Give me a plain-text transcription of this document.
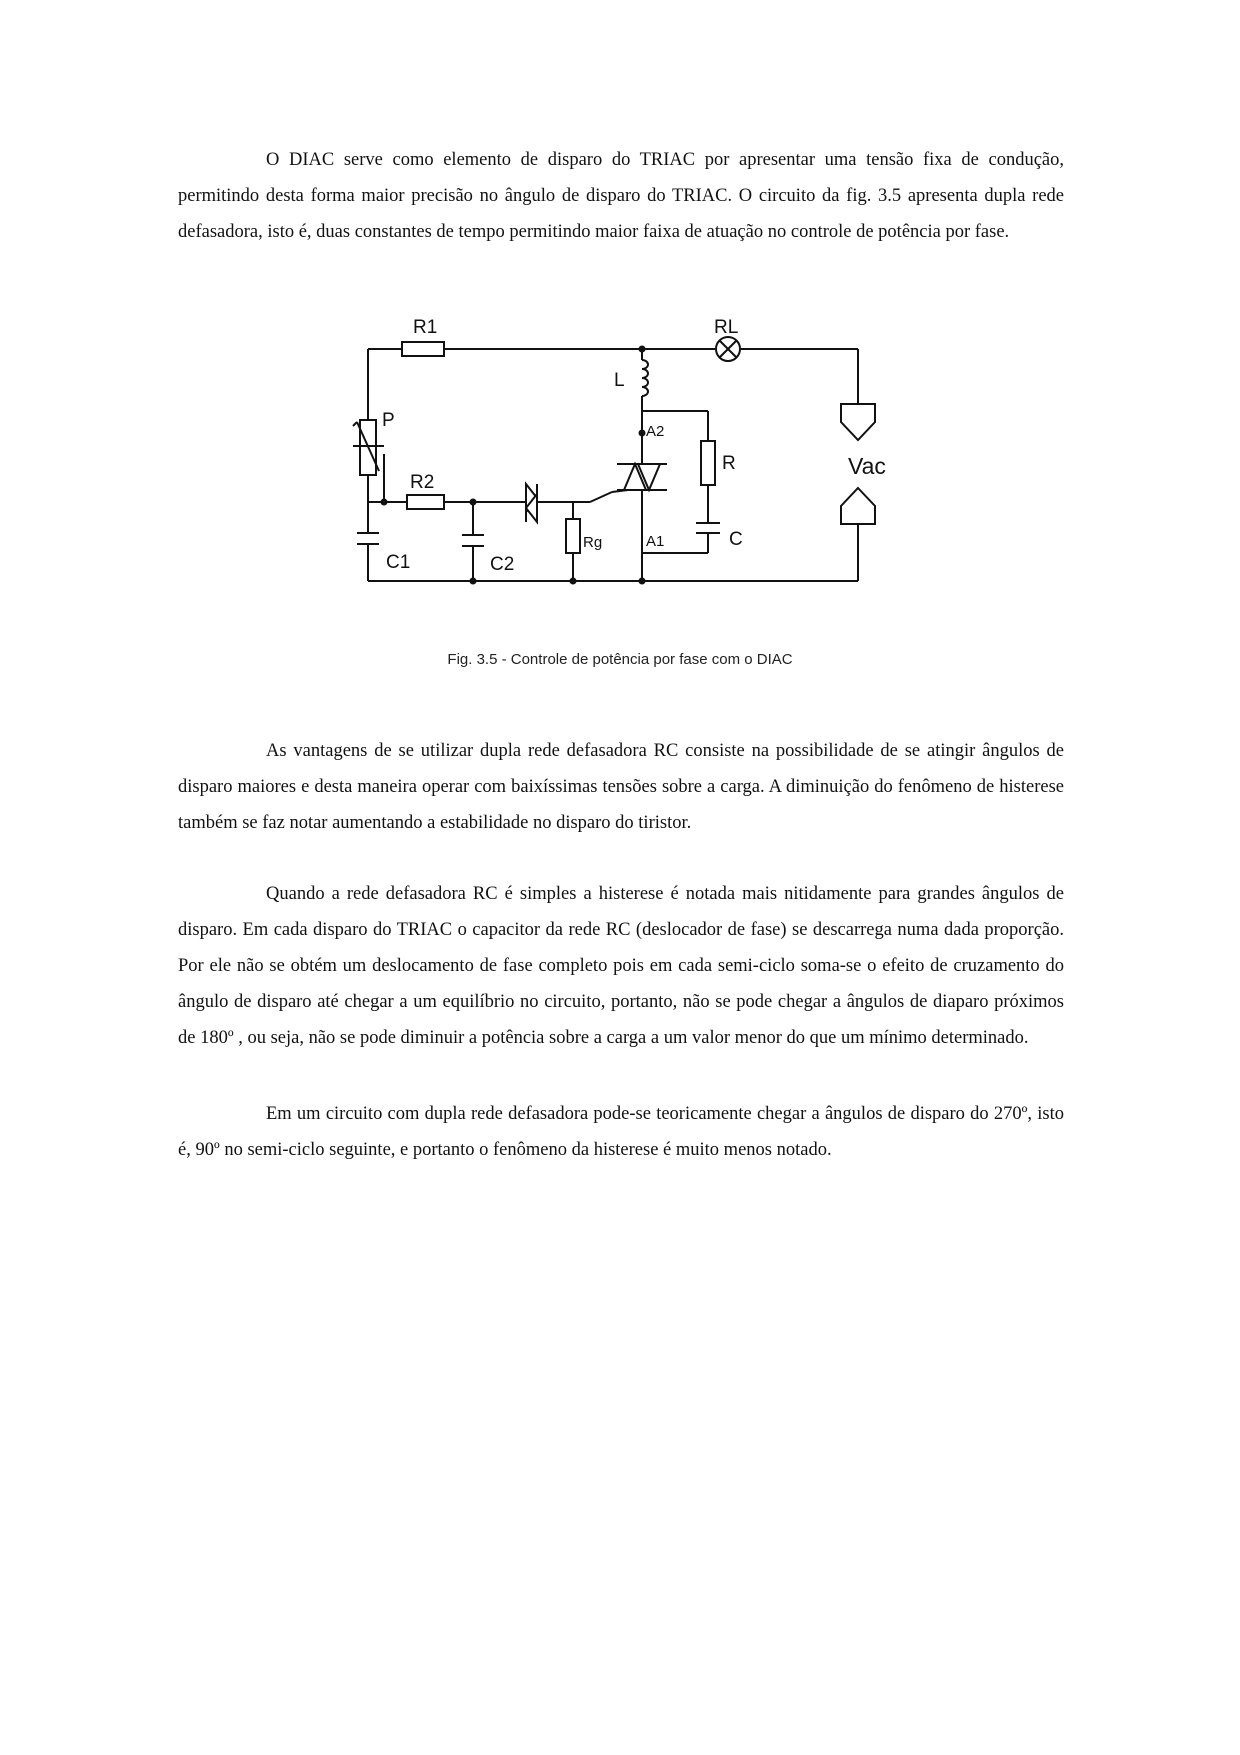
O DIAC serve como elemento de disparo do TRIAC por apresentar uma tensão fixa de condução, permitindo desta forma maior precisão no ângulo de disparo do TRIAC. O circuito da fig. 3.5 apresenta dupla rede defasadora, isto é, duas constantes de tempo permitindo maior faixa de atuação no controle de potência por fase.

R1	RL
L
P
A2
R	Vac
R2
Rg	A1	C
C1	C2
Fig. 3.5 - Controle de potência por fase com o DIAC

As vantagens de se utilizar dupla rede defasadora RC consiste na possibilidade de se atingir ângulos de disparo maiores e desta maneira operar com baixíssimas tensões sobre a carga. A diminuição do fenômeno de histerese também se faz notar aumentando a estabilidade no disparo do tiristor.

Quando a rede defasadora RC é simples a histerese é notada mais nitidamente para grandes ângulos de disparo. Em cada disparo do TRIAC o capacitor da rede RC (deslocador de fase) se descarrega numa dada proporção. Por ele não se obtém um deslocamento de fase completo pois em cada semi-ciclo soma-se o efeito de cruzamento do ângulo de disparo até chegar a um equilíbrio no circuito, portanto, não se pode chegar a ângulos de diaparo próximos de 180º , ou seja, não se pode diminuir a potência sobre a carga a um valor menor do que um mínimo determinado.

Em um circuito com dupla rede defasadora pode-se teoricamente chegar a ângulos de disparo do 270º, isto é, 90º no semi-ciclo seguinte, e portanto o fenômeno da histerese é muito menos notado.
